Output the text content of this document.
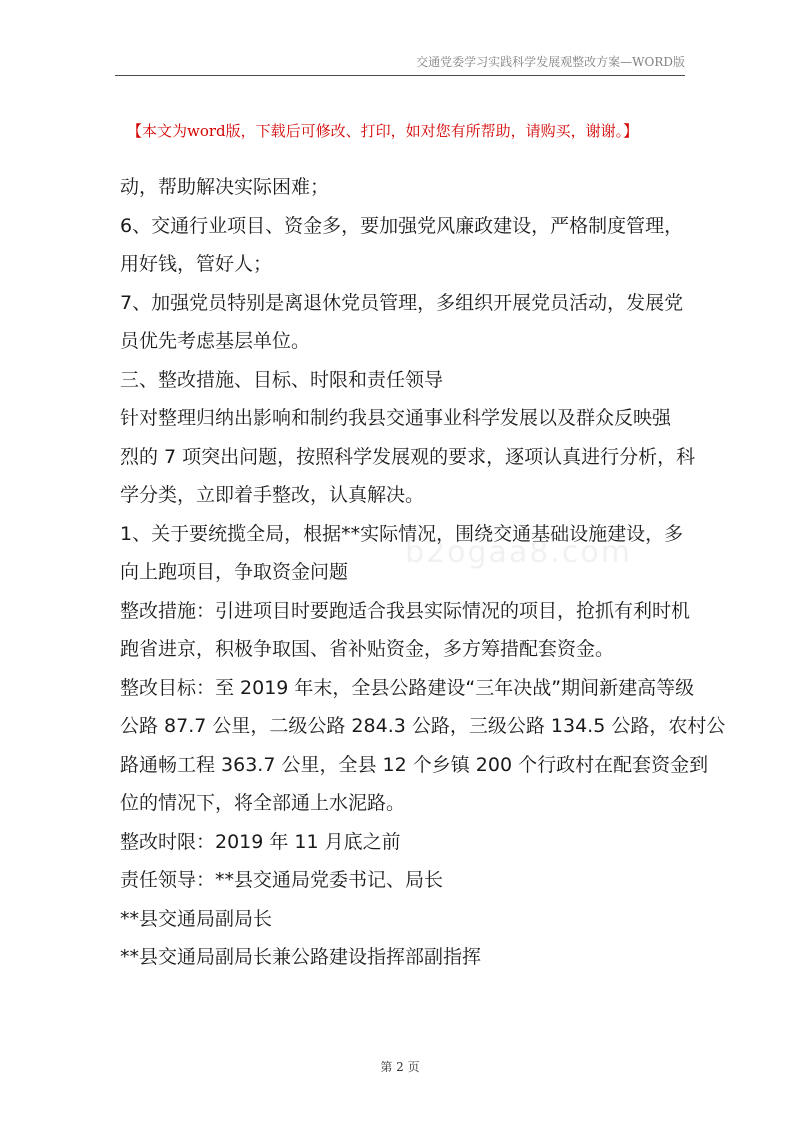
交通党委学习实践科学发展观整改方案—WORD版
【本文为word版，下载后可修改、打印，如对您有所帮助，请购买，谢谢。】
b2ogaa8.com

动，帮助解决实际困难；

6、交通行业项目、资金多，要加强党风廉政建设，严格制度管理，

用好钱，管好人；

7、加强党员特别是离退休党员管理，多组织开展党员活动，发展党

员优先考虑基层单位。

三、整改措施、目标、时限和责任领导

针对整理归纳出影响和制约我县交通事业科学发展以及群众反映强

烈的 7 项突出问题，按照科学发展观的要求，逐项认真进行分析，科

学分类，立即着手整改，认真解决。

1、关于要统揽全局，根据**实际情况，围绕交通基础设施建设，多

向上跑项目，争取资金问题

整改措施：引进项目时要跑适合我县实际情况的项目，抢抓有利时机

跑省进京，积极争取国、省补贴资金，多方筹措配套资金。

整改目标：至 2019 年末，全县公路建设“三年决战”期间新建高等级

公路 87.7 公里，二级公路 284.3 公路，三级公路 134.5 公路，农村公

路通畅工程 363.7 公里，全县 12 个乡镇 200 个行政村在配套资金到

位的情况下，将全部通上水泥路。

整改时限：2019 年 11 月底之前

责任领导：**县交通局党委书记、局长

**县交通局副局长

**县交通局副局长兼公路建设指挥部副指挥

第 2 页
